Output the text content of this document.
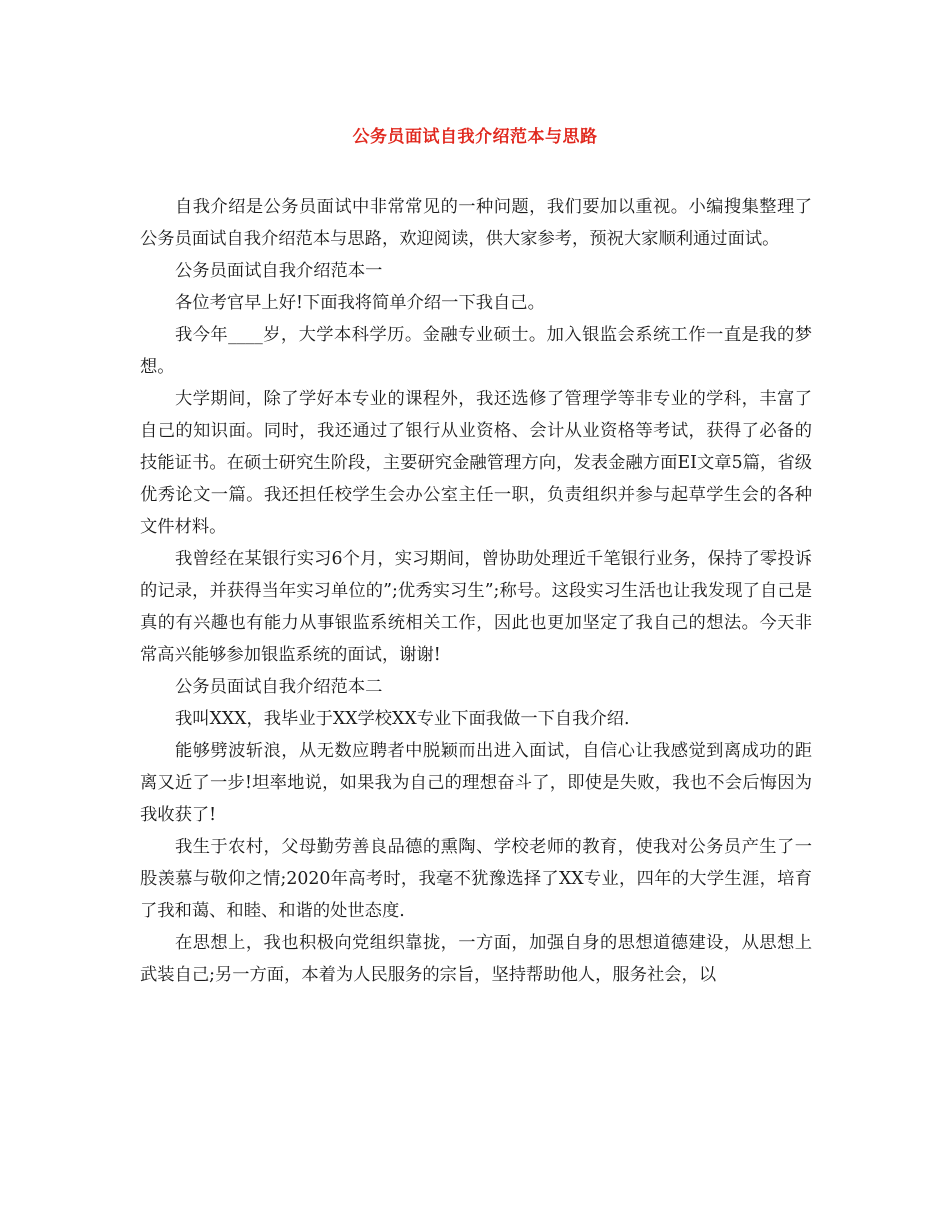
公务员面试自我介绍范本与思路

自我介绍是公务员面试中非常常见的一种问题，我们要加以重视。小编搜集整理了公务员面试自我介绍范本与思路，欢迎阅读，供大家参考，预祝大家顺利通过面试。

公务员面试自我介绍范本一

各位考官早上好!下面我将简单介绍一下我自己。

我今年____岁，大学本科学历。金融专业硕士。加入银监会系统工作一直是我的梦想。

大学期间，除了学好本专业的课程外，我还选修了管理学等非专业的学科，丰富了自己的知识面。同时，我还通过了银行从业资格、会计从业资格等考试，获得了必备的技能证书。在硕士研究生阶段，主要研究金融管理方向，发表金融方面EI文章5篇，省级优秀论文一篇。我还担任校学生会办公室主任一职，负责组织并参与起草学生会的各种文件材料。

我曾经在某银行实习6个月，实习期间，曾协助处理近千笔银行业务，保持了零投诉的记录，并获得当年实习单位的”;优秀实习生”;称号。这段实习生活也让我发现了自己是真的有兴趣也有能力从事银监系统相关工作，因此也更加坚定了我自己的想法。今天非常高兴能够参加银监系统的面试，谢谢!

公务员面试自我介绍范本二

我叫XXX，我毕业于XX学校XX专业下面我做一下自我介绍.

能够劈波斩浪，从无数应聘者中脱颖而出进入面试，自信心让我感觉到离成功的距离又近了一步!坦率地说，如果我为自己的理想奋斗了，即使是失败，我也不会后悔因为我收获了!

我生于农村，父母勤劳善良品德的熏陶、学校老师的教育，使我对公务员产生了一股羡慕与敬仰之情;2020年高考时，我毫不犹豫选择了XX专业，四年的大学生涯，培育了我和蔼、和睦、和谐的处世态度.

在思想上，我也积极向党组织靠拢，一方面，加强自身的思想道德建设，从思想上武装自己;另一方面，本着为人民服务的宗旨，坚持帮助他人，服务社会，以
